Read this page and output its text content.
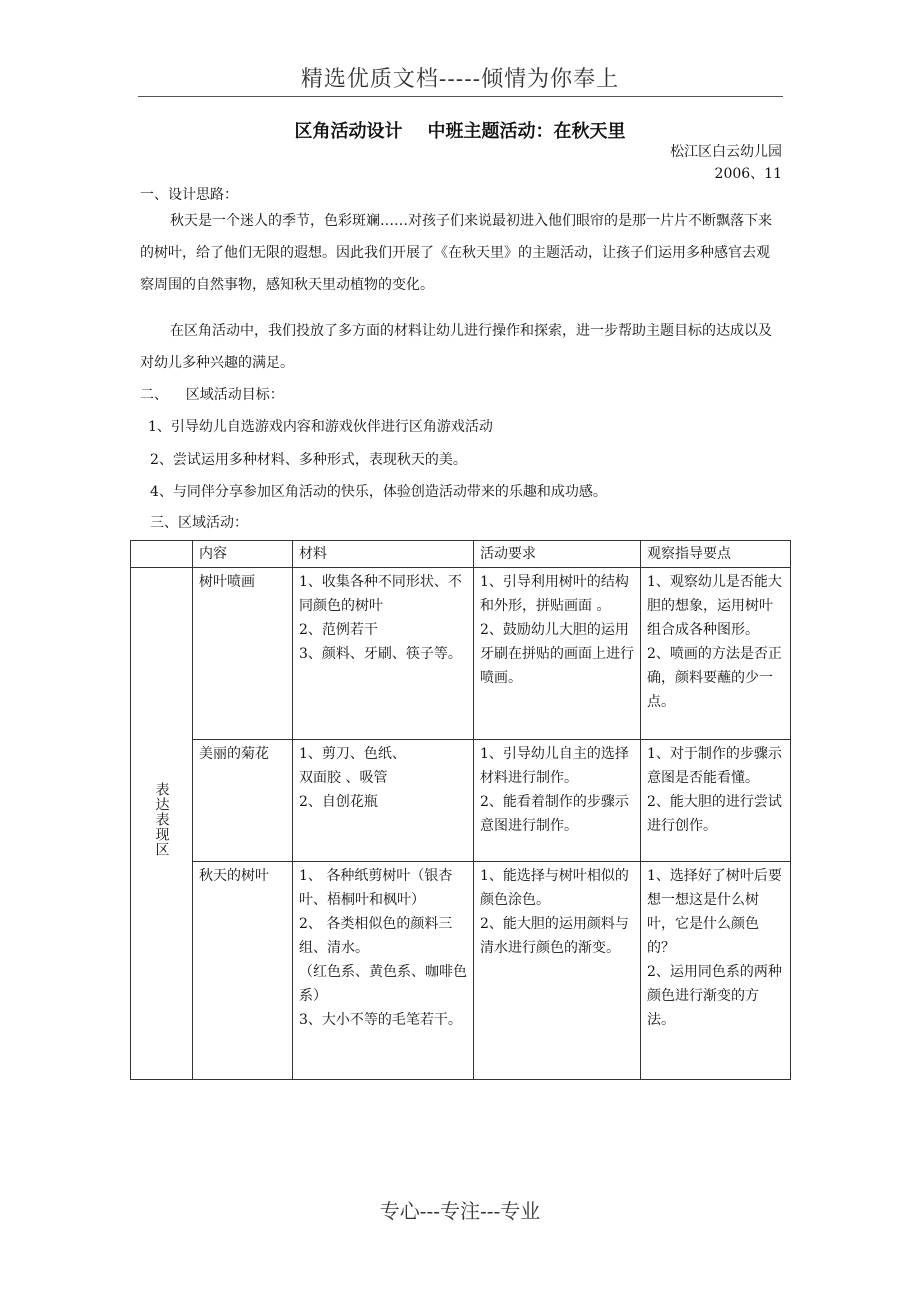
精选优质文档-----倾情为你奉上
区角活动设计    中班主题活动：在秋天里
松江区白云幼儿园
2006、11
一、设计思路：
秋天是一个迷人的季节，色彩斑斓……对孩子们来说最初进入他们眼帘的是那一片片不断飘落下来的树叶，给了他们无限的遐想。因此我们开展了《在秋天里》的主题活动，让孩子们运用多种感官去观察周围的自然事物，感知秋天里动植物的变化。
在区角活动中，我们投放了多方面的材料让幼儿进行操作和探索，进一步帮助主题目标的达成以及对幼儿多种兴趣的满足。
二、    区域活动目标：
1、引导幼儿自选游戏内容和游戏伙伴进行区角游戏活动
2、尝试运用多种材料、多种形式，表现秋天的美。
4、与同伴分享参加区角活动的快乐，体验创造活动带来的乐趣和成功感。
三、区域活动：
	内容	材料	活动要求	观察指导要点
表达表现区	树叶喷画	1、收集各种不同形状、不同颜色的树叶
2、范例若干
3、颜料、牙刷、筷子等。	1、引导利用树叶的结构和外形，拼贴画面 。
2、鼓励幼儿大胆的运用牙刷在拼贴的画面上进行喷画。	1、观察幼儿是否能大胆的想象，运用树叶组合成各种图形。
2、喷画的方法是否正确，颜料要蘸的少一点。

	美丽的菊花	1、剪刀、色纸、
双面胶 、吸管
2、自创花瓶	1、引导幼儿自主的选择材料进行制作。
2、能看着制作的步骤示意图进行制作。	1、对于制作的步骤示意图是否能看懂。
2、能大胆的进行尝试进行创作。

	秋天的树叶	1、 各种纸剪树叶（银杏叶、梧桐叶和枫叶）
2、 各类相似色的颜料三组、清水。
（红色系、黄色系、咖啡色系）
3、大小不等的毛笔若干。	1、能选择与树叶相似的颜色涂色。
2、能大胆的运用颜料与清水进行颜色的渐变。	1、选择好了树叶后要想一想这是什么树叶，它是什么颜色的？
2、运用同色系的两种颜色进行渐变的方法。
专心---专注---专业
